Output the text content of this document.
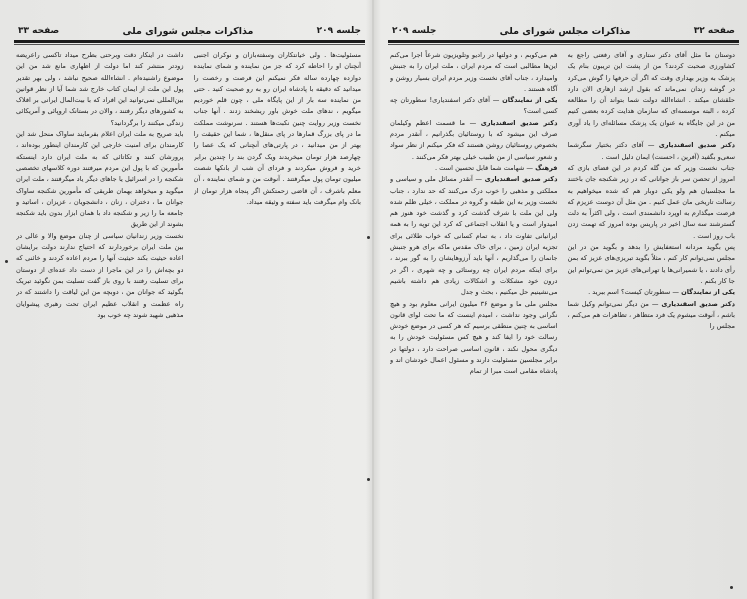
جلسه ۲۰۹
مذاکرات مجلس شورای ملی
صفحه ۳۳

مسئولیت‌ها . ولی خیانتکاران وسفته‌بازان و نوکران اجنبی آنچنان او را احاطه کرد که جز من نماینده و شمای نماینده دوازده چهارده ساله فکر نمیکنم این فرصت و رخصت را میدانید که دقیقه با پادشاه ایران رو به رو صحبت کنید . حتی من نماینده سه بار از این پایگاه ملی ، چون قلم خوردیم میگویم ، ندهای ملت خوش باور ریشخند زدند . آنها جناب نخست وزیر روایت چنین نکبت‌ها هستند . سرنوشت مملکت ما در پای بزرگ قمارها در پای منقل‌ها ، شما این حقیقت را بهتر از من میدانید ، در پارتی‌های آنچنانی که یک عصا را چهارصد هزار تومان میخریدند ویک گردن بند را چندین برابر خرید و فروش میکردند و فردای آن شب از بانکها شصت میلیون تومان پول میگرفتند . آنوقت من و شمای نماینده ، آن معلم باشرف ، آن قاضی زحمتکش اگر پنجاه هزار تومان از بانک وام میگرفت باید سفته و وثیقه میداد.

داشت در اینکار دقت وبرحتی بطرح میداد تاکسی راعریضه زودتر منتشر کند اما دولت از اظهاری مانع شد من این موضوع راشنیده‌ام . انشاءالله صحیح نباشد ، ولی بهر تقدیر پول این ملت از ایمان کتاب خارج شد شما آیا از نظر قوانین بین‌المللی نمی‌توانید این افراد که با بیت‌المال ایرانی بر افلاک به کشورهای دیگر رفتند ، والان در بستانک اروپائی و آمریکائی زندگی میکنند را برگردانید؟

باید صریح به ملت ایران اعلام بفرمایند ساواک منحل شد این کارمندان برای امنیت خارجی این کارمندان اینطور بوده‌اند ، پرورشان کنند و تکاتائی که به ملت ایران دارد اینستکه مأمورین که با پول این مردم میرفتند دوره کلاسهای تخصصی شکنجه را در اسرائیل یا جاهای دیگر یاد میگرفتند ، ملت ایران میگوید و میخواهد بهمان طریقی که مأمورین شکنجه ساواک جوانان ما ، دختران ، زنان ، دانشجویان ، عزیزان ، اساتید و جامعه ما را زیر و شکنجه داد با همان ابزار بدون باید شکنجه بشوند از این طریق

نخست وزیر زندانیان سیاسی از چنان موضع والا و عالی در بین ملت ایران برخوردارند که احتیاج ندارند دولت برایشان اعاده حیثیت بکند حیثیت آنها را مردم اعاده کردند و خائنی که دو بچه‌اش را در این ماجرا از دست داد عده‌ای از دوستان برای تسلیت رفتند با روی باز گفت تسلیت بمن نگوئید تبریک بگوئید که جوانان من ، دوبچه من این لیاقت را داشتند که در راه عظمت و انقلاب عظیم ایران تحت رهبری پیشوایان مذهبی شهید شوند چه خوب بود

صفحه ۳۲
مذاکرات مجلس شورای ملی
جلسه ۲۰۹

دوستان ما مثل آقای دکتر ستاری و آقای رفعتی راجع به کشاورزی صحبت کردند؟ من از پشت این تریبون بنام یک پزشک به وزیر بهداری وقت که اگر آن حرفها را گوش می‌کرد در گوشه زندان نمی‌ماند که بقول ارشد ازهاری الان دارد حلقشان میکند . انشاءالله دولت شما بتواند آن را مطالعه کرده ، البته موسسه‌ای که سازمان هدایت کرده بعضی کنیم من در این جایگاه به عنوان یک پزشک مسائله‌ای را یاد آوری میکنم .

دکتر صدیق اسفندیاری — آقای دکتر بختیار سگرشما سعی‌و بگفید (آفرین ، احسنت) ایمان دلیل است .

جناب نخست وزیر که من گله کردم در این فضای بازی که امروز از تحصن سر باز جوانانی که در زیر شکنجه جان باختند ما مجلسیان هم ولو یکی دوبار هم که شده میخواهیم به رسالت تاریخی مان عمل کنیم . من مثل آن دوست عزیزم که فرصت میگذارم به اوپرد دانشمندی است ، ولی اکثراً به دلت گسترشند سه سال اخیر در پاریس بوده امروز که تهمت زدن باب روز است .

پس بگوید مردانه استعفایش را بدهد و بگوید من در این مجلس نمی‌توانم کار کنم ، مثلاً بگوید تبریزی‌های عزیز که بمن رأی دادند ، یا شمیرانی‌ها یا تهرانی‌های عزیز من نمی‌توانم این جا کار بکنم .

یکی از نمایندگان — سطورتان کیست؟ اسم ببرید .

دکتر صدیق اسفندیاری — من دیگر نمی‌توانم وکیل شما باشم ، آنوقت میشوم یک فرد متظاهر ، تظاهرات هم می‌کنم ، مجلس را

هم می‌کوبم ، و دولتها در رادیو وتلویزیون شرعاً اجرا می‌کنم این‌ها مطالبی است که مردم ایران ، ملت ایران را به جنبش وامیدارد ، جناب آقای نخست وزیر مردم ایران بسیار روشن و آگاه هستند .

یکی از نمایندگان — آقای دکتر اسفندیاری! سطورتان چه کسی است؟

دکتر صدیق اسفندیاری — ما قسمت اعظم وکیلمان صرف این میشود که با روستائیان بگذرانیم ، آنقدر مردم بخصوص روستائیان روشن هستند که فکر میکنم از نظر سواد و شعور سیاسی از من طبیب خیلی بهتر فکر می‌کنند .

فرهنگ — شهامت شما قابل تحسین است .

دکتر صدیق اسفندیاری — آنقدر مسائل ملی و سیاسی و مملکتی و مذهبی را خوب درک می‌کنند که حد ندارد ، جناب نخست وزیر به این طبقه و گروه در مملکت ، خیلی ظلم شده ولی این ملت با شرف گذشت کرد و گذشت خود هنوز هم امیدوار است و یا انقلاب اجتماعی که کرد این توپه را به همه ایرانیانی تفاوت داد ، به تمام کسانی که خواب طلائی برای تجزیه ایران زمین ، برای خاک مقدس ماکه برای هرو جنبش جانمان را می‌گذاریم ، آنها باید آرزوهایشان را به گور ببرند ، برای اینکه مردم ایران چه روستائی و چه شهری ، اگر در درون خود مشکلات و اشکالات زیادی هم داشته باشیم می‌نشینیم حل میکنیم ، بحث و جدل

مجلس ملی ما و موضع ۳۶ میلیون ایرانی معلوم بود و هیچ نگرانی وجود نداشت ، امیدم اینست که ما تحت لوای قانون اساسی به چنین منطقی برسیم که هر کسی در موضع خودش رسالت خود را ایفا کند و هیچ کس مسئولیت خودش را به دیگری محول نکند ، قانون اساسی صراحت دارد ، دولتها در برابر مجلسین مسئولیت دارند و مسئول اعمال خودشان اند و پادشاه مقامی است مبرا از تمام
